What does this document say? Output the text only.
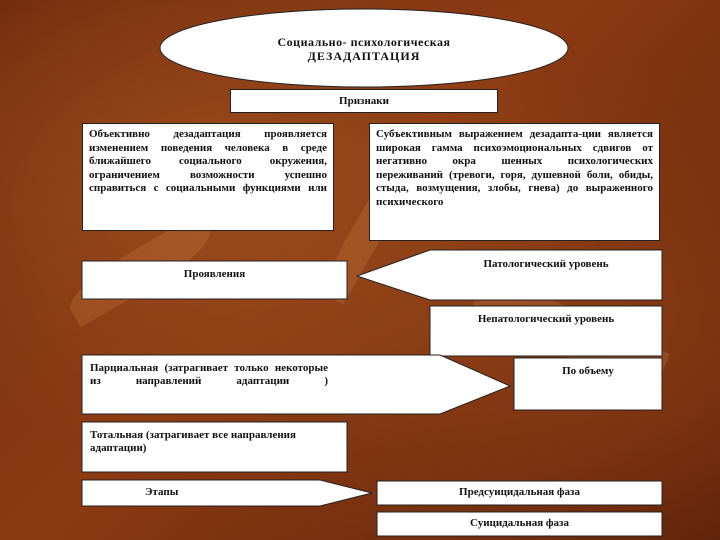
Социально- психологическая
ДЕЗАДАПТАЦИЯ
Признаки
Объективно дезадаптация проявляется изменением поведения человека в среде ближайшего социального окружения, ограничением возможности успешно справиться с социальными функциями или
Субъективным выражением дезадапта-ции является широкая гамма психоэмоциональных сдвигов от негативно окра шенных психологических переживаний (тревоги, горя, душевной боли, обиды, стыда, возмущения, злобы, гнева) до выраженного психического
Проявления
Патологический уровень
Непатологический уровень
Парциальная (затрагивает только некоторые из направлений адаптации )
По объему
Тотальная (затрагивает все направления адаптации)
Этапы	Предсуицидальная фаза
Суицидальная фаза
